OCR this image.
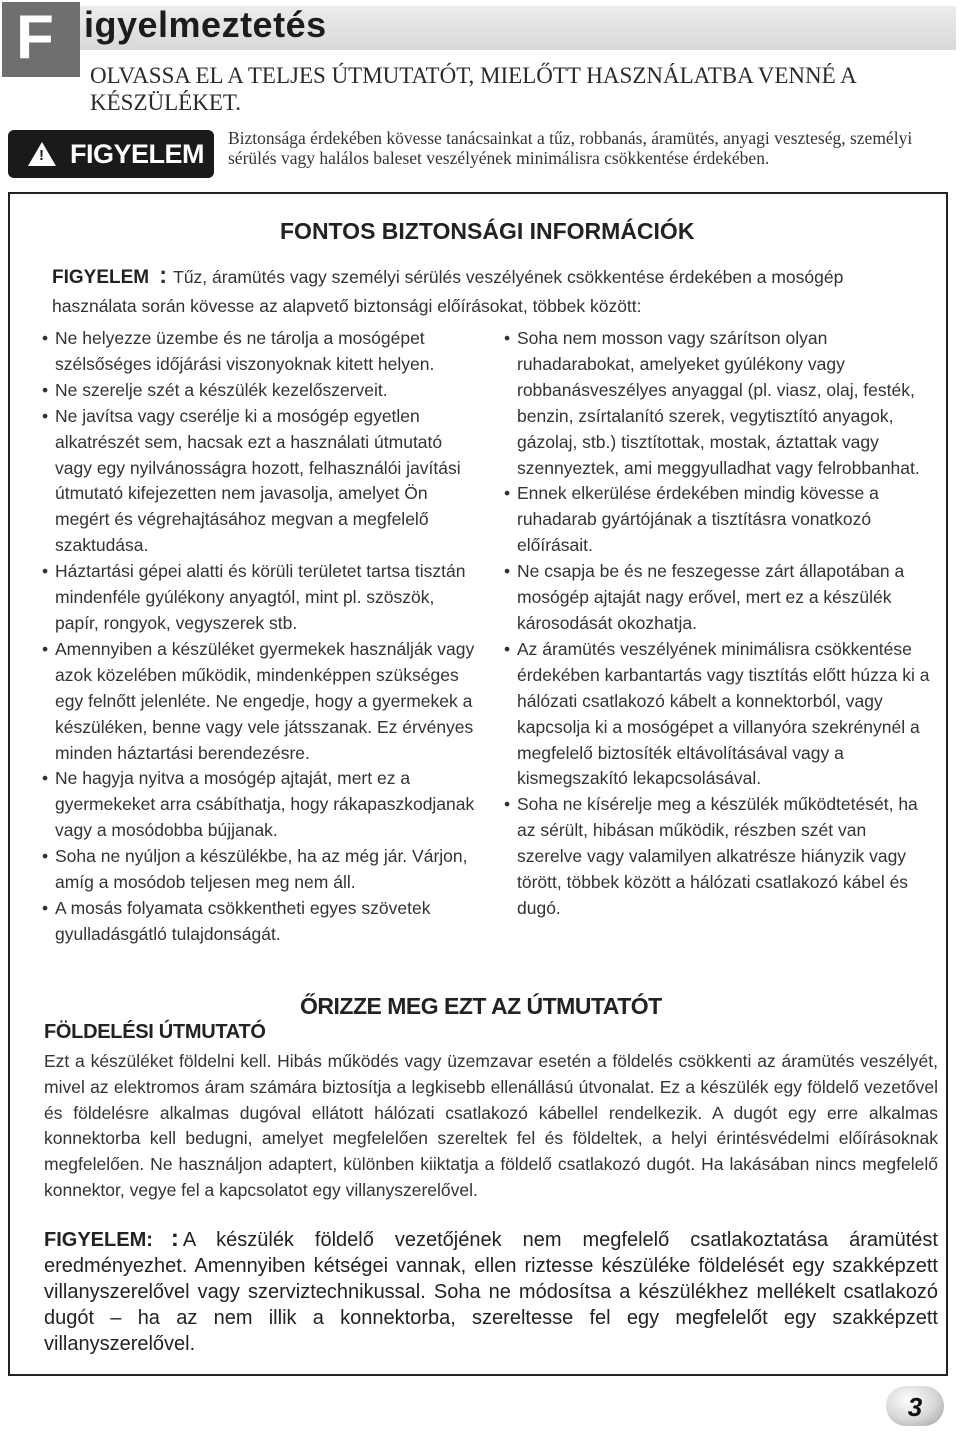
F igyelmeztetés
OLVASSA EL A TELJES ÚTMUTATÓT, MIELŐTT HASZNÁLATBA VENNÉ A KÉSZÜLÉKET.
! FIGYELEM
Biztonsága érdekében kövesse tanácsainkat a tűz, robbanás, áramütés, anyagi veszteség, személyi sérülés vagy halálos baleset veszélyének minimálisra csökkentése érdekében.
FONTOS BIZTONSÁGI INFORMÁCIÓK
FIGYELEM : Tűz, áramütés vagy személyi sérülés veszélyének csökkentése érdekében a mosógép használata során kövesse az alapvető biztonsági előírásokat, többek között:
• Ne helyezze üzembe és ne tárolja a mosógépet szélsőséges időjárási viszonyoknak kitett helyen.
• Ne szerelje szét a készülék kezelőszerveit.
• Ne javítsa vagy cserélje ki a mosógép egyetlen alkatrészét sem, hacsak ezt a használati útmutató vagy egy nyilvánosságra hozott, felhasználói javítási útmutató kifejezetten nem javasolja, amelyet Ön megért és végrehajtásához megvan a megfelelő szaktudása.
• Háztartási gépei alatti és körüli területet tartsa tisztán mindenféle gyúlékony anyagtól, mint pl. szöszök, papír, rongyok, vegyszerek stb.
• Amennyiben a készüléket gyermekek használják vagy azok közelében működik, mindenképpen szükséges egy felnőtt jelenléte. Ne engedje, hogy a gyermekek a készüléken, benne vagy vele játsszanak. Ez érvényes minden háztartási berendezésre.
• Ne hagyja nyitva a mosógép ajtaját, mert ez a gyermekeket arra csábíthatja, hogy rákapaszkodjanak vagy a mosódobba bújjanak.
• Soha ne nyúljon a készülékbe, ha az még jár. Várjon, amíg a mosódob teljesen meg nem áll.
• A mosás folyamata csökkentheti egyes szövetek gyulladásgátló tulajdonságát.
• Soha nem mosson vagy szárítson olyan ruhadarabokat, amelyeket gyúlékony vagy robbanásveszélyes anyaggal (pl. viasz, olaj, festék, benzin, zsírtalanító szerek, vegytisztító anyagok, gázolaj, stb.) tisztítottak, mostak, áztattak vagy szennyeztek, ami meggyulladhat vagy felrobbanhat.
• Ennek elkerülése érdekében mindig kövesse a ruhadarab gyártójának a tisztításra vonatkozó előírásait.
• Ne csapja be és ne feszegesse zárt állapotában a mosógép ajtaját nagy erővel, mert ez a készülék károsodását okozhatja.
• Az áramütés veszélyének minimálisra csökkentése érdekében karbantartás vagy tisztítás előtt húzza ki a hálózati csatlakozó kábelt a konnektorból, vagy kapcsolja ki a mosógépet a villanyóra szekrénynél a megfelelő biztosíték eltávolításával vagy a kismegszakító lekapcsolásával.
• Soha ne kísérelje meg a készülék működtetését, ha az sérült, hibásan működik, részben szét van szerelve vagy valamilyen alkatrésze hiányzik vagy törött, többek között a hálózati csatlakozó kábel és dugó.
ŐRIZZE MEG EZT AZ ÚTMUTATÓT
FÖLDELÉSI ÚTMUTATÓ
Ezt a készüléket földelni kell. Hibás működés vagy üzemzavar esetén a földelés csökkenti az áramütés veszélyét, mivel az elektromos áram számára biztosítja a legkisebb ellenállású útvonalat. Ez a készülék egy földelő vezetővel és földelésre alkalmas dugóval ellátott hálózati csatlakozó kábellel rendelkezik. A dugót egy erre alkalmas konnektorba kell bedugni, amelyet megfelelően szereltek fel és földeltek, a helyi érintésvédelmi előírásoknak megfelelően. Ne használjon adaptert, különben kiiktatja a földelő csatlakozó dugót. Ha lakásában nincs megfelelő konnektor, vegye fel a kapcsolatot egy villanyszerelővel.
FIGYELEM: : A készülék földelő vezetőjének nem megfelelő csatlakoztatása áramütést eredményezhet. Amennyiben kétségei vannak, ellen riztesse készüléke földelését egy szakképzett villanyszerelővel vagy szerviztechnikussal. Soha ne módosítsa a készülékhez mellékelt csatlakozó dugót – ha az nem illik a konnektorba, szereltesse fel egy megfelelőt egy szakképzett villanyszerelővel.
3
